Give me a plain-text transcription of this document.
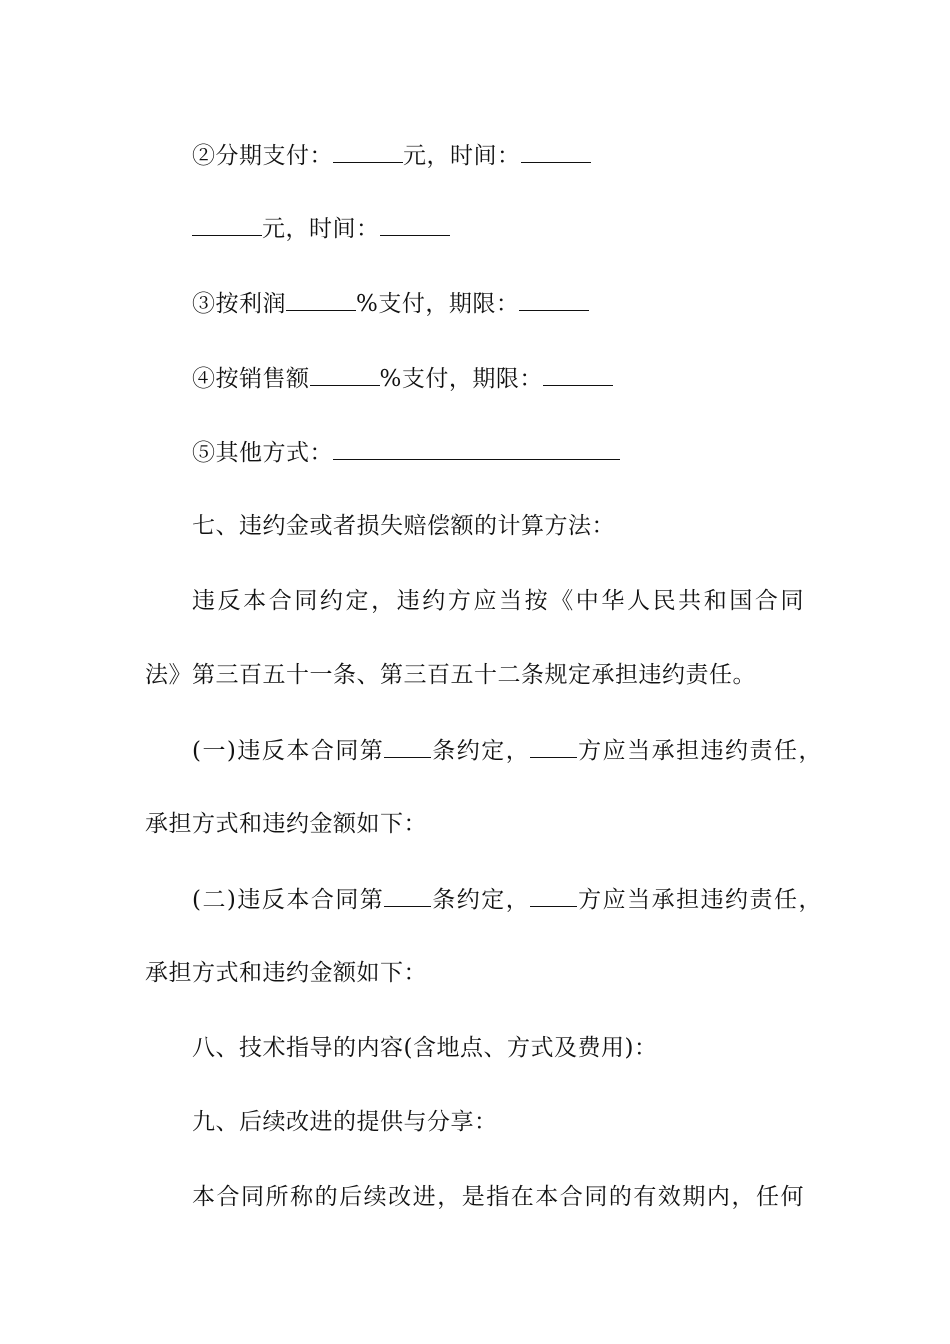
②分期支付：	元，时间：
元，时间：
③按利润	%支付，期限：
④按销售额	%支付，期限：
⑤其他方式：
七、违约金或者损失赔偿额的计算方法：
违反本合同约定，违约方应当按《中华人民共和国合同
法》第三百五十一条、第三百五十二条规定承担违约责任。
(一)违反本合同第 条约定， 方应当承担违约责任，
承担方式和违约金额如下：
(二)违反本合同第 条约定， 方应当承担违约责任，
承担方式和违约金额如下：
八、技术指导的内容(含地点、方式及费用)：
九、后续改进的提供与分享：
本合同所称的后续改进，是指在本合同的有效期内，任何
